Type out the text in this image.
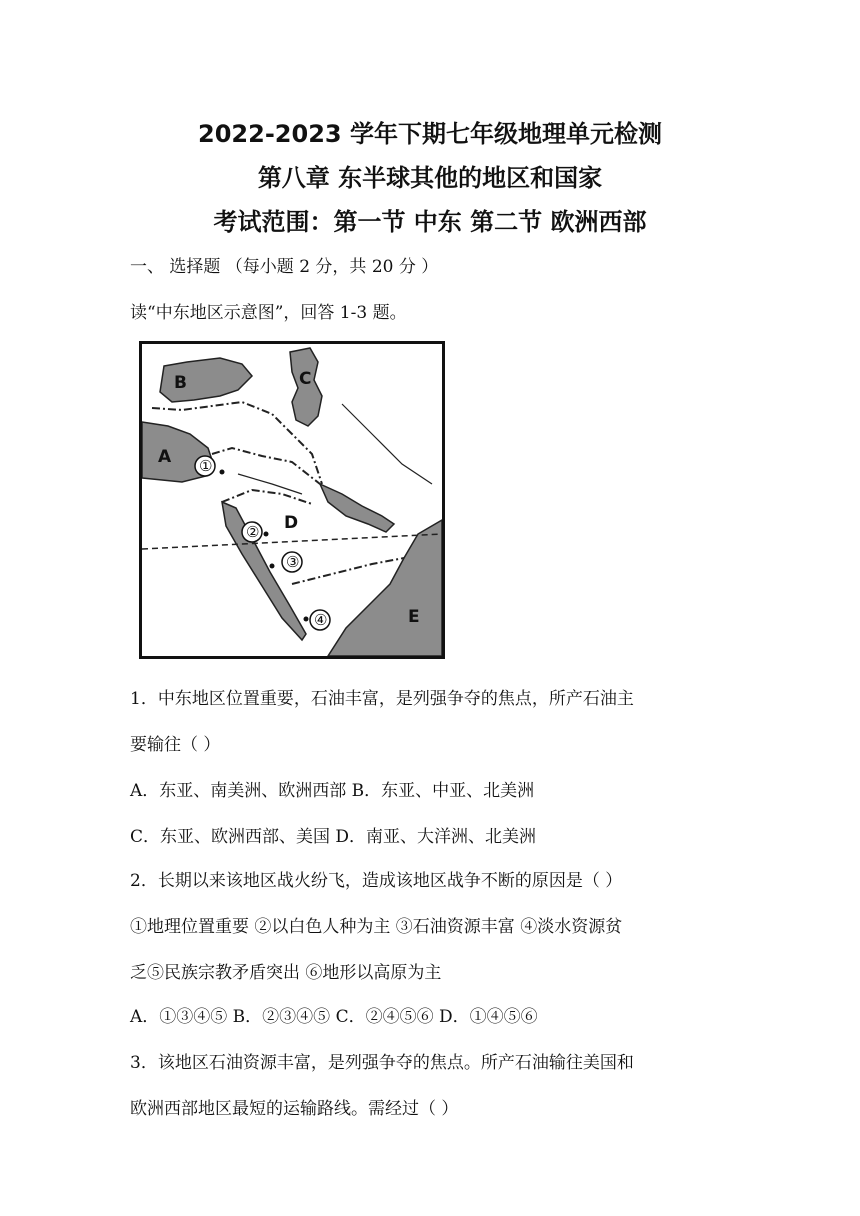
2022-2023 学年下期七年级地理单元检测
第八章 东半球其他的地区和国家
考试范围：第一节 中东 第二节 欧洲西部
一、 选择题 （每小题 2 分，共 20 分 ）
读“中东地区示意图”，回答 1-3 题。
B	C
A
D
E
①
②
③
④
1．中东地区位置重要，石油丰富，是列强争夺的焦点，所产石油主
要输往（ ）
A．东亚、南美洲、欧洲西部 B．东亚、中亚、北美洲
C．东亚、欧洲西部、美国 D．南亚、大洋洲、北美洲
2．长期以来该地区战火纷飞，造成该地区战争不断的原因是（ ）
①地理位置重要 ②以白色人种为主 ③石油资源丰富 ④淡水资源贫
乏⑤民族宗教矛盾突出 ⑥地形以高原为主
A．①③④⑤ B．②③④⑤ C．②④⑤⑥ D．①④⑤⑥
3．该地区石油资源丰富，是列强争夺的焦点。所产石油输往美国和
欧洲西部地区最短的运输路线。需经过（ ）
